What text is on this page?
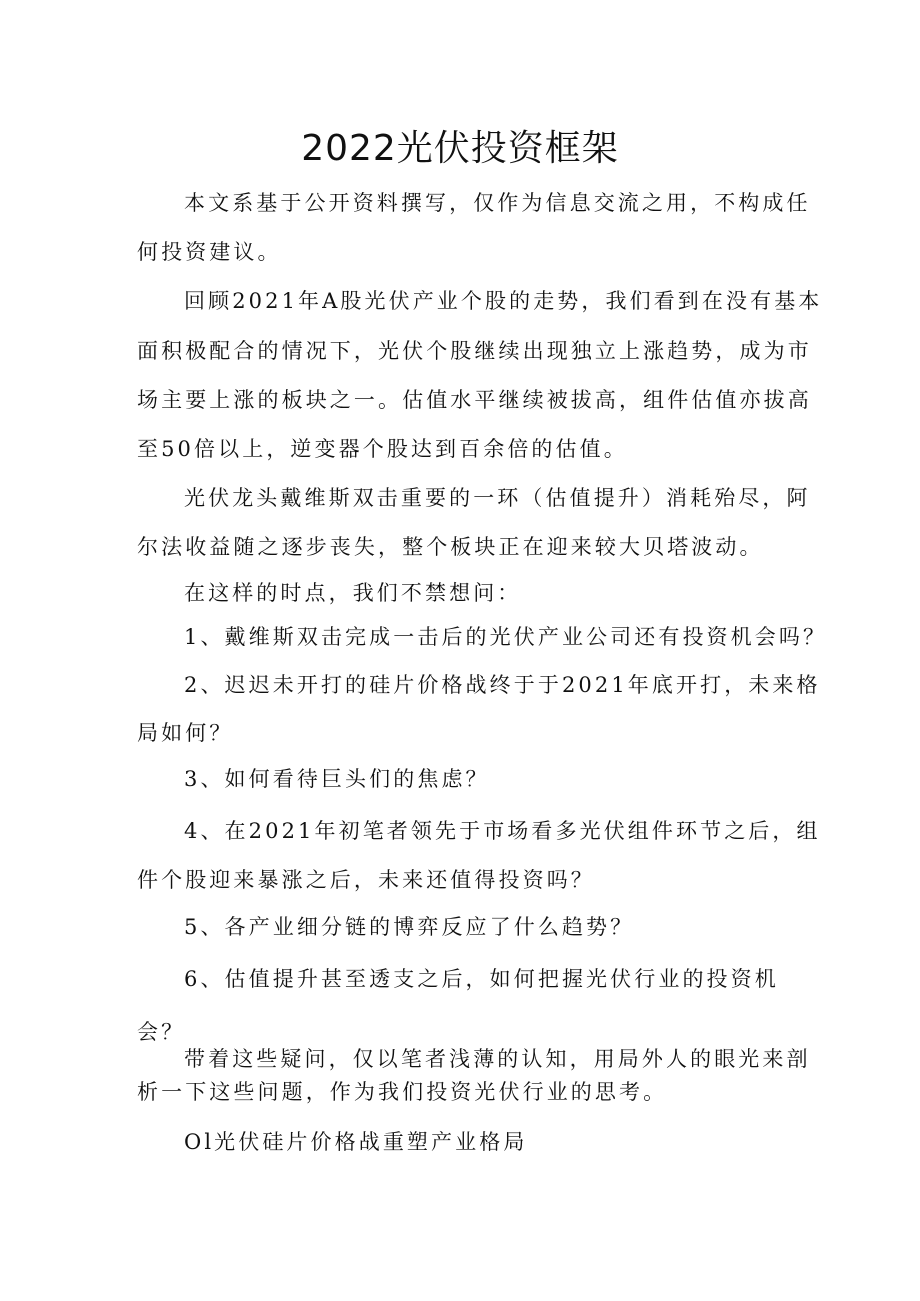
2022光伏投资框架

本文系基于公开资料撰写，仅作为信息交流之用，不构成任

何投资建议。

回顾2021年A股光伏产业个股的走势，我们看到在没有基本

面积极配合的情况下，光伏个股继续出现独立上涨趋势，成为市

场主要上涨的板块之一。估值水平继续被拔高，组件估值亦拔高

至50倍以上，逆变器个股达到百余倍的估值。

光伏龙头戴维斯双击重要的一环（估值提升）消耗殆尽，阿

尔法收益随之逐步丧失，整个板块正在迎来较大贝塔波动。

在这样的时点，我们不禁想问：

1、戴维斯双击完成一击后的光伏产业公司还有投资机会吗？

2、迟迟未开打的硅片价格战终于于2021年底开打，未来格

局如何？

3、如何看待巨头们的焦虑？

4、在2021年初笔者领先于市场看多光伏组件环节之后，组

件个股迎来暴涨之后，未来还值得投资吗？

5、各产业细分链的博弈反应了什么趋势？

6、估值提升甚至透支之后，如何把握光伏行业的投资机

会？

带着这些疑问，仅以笔者浅薄的认知，用局外人的眼光来剖

析一下这些问题，作为我们投资光伏行业的思考。

Ol光伏硅片价格战重塑产业格局
